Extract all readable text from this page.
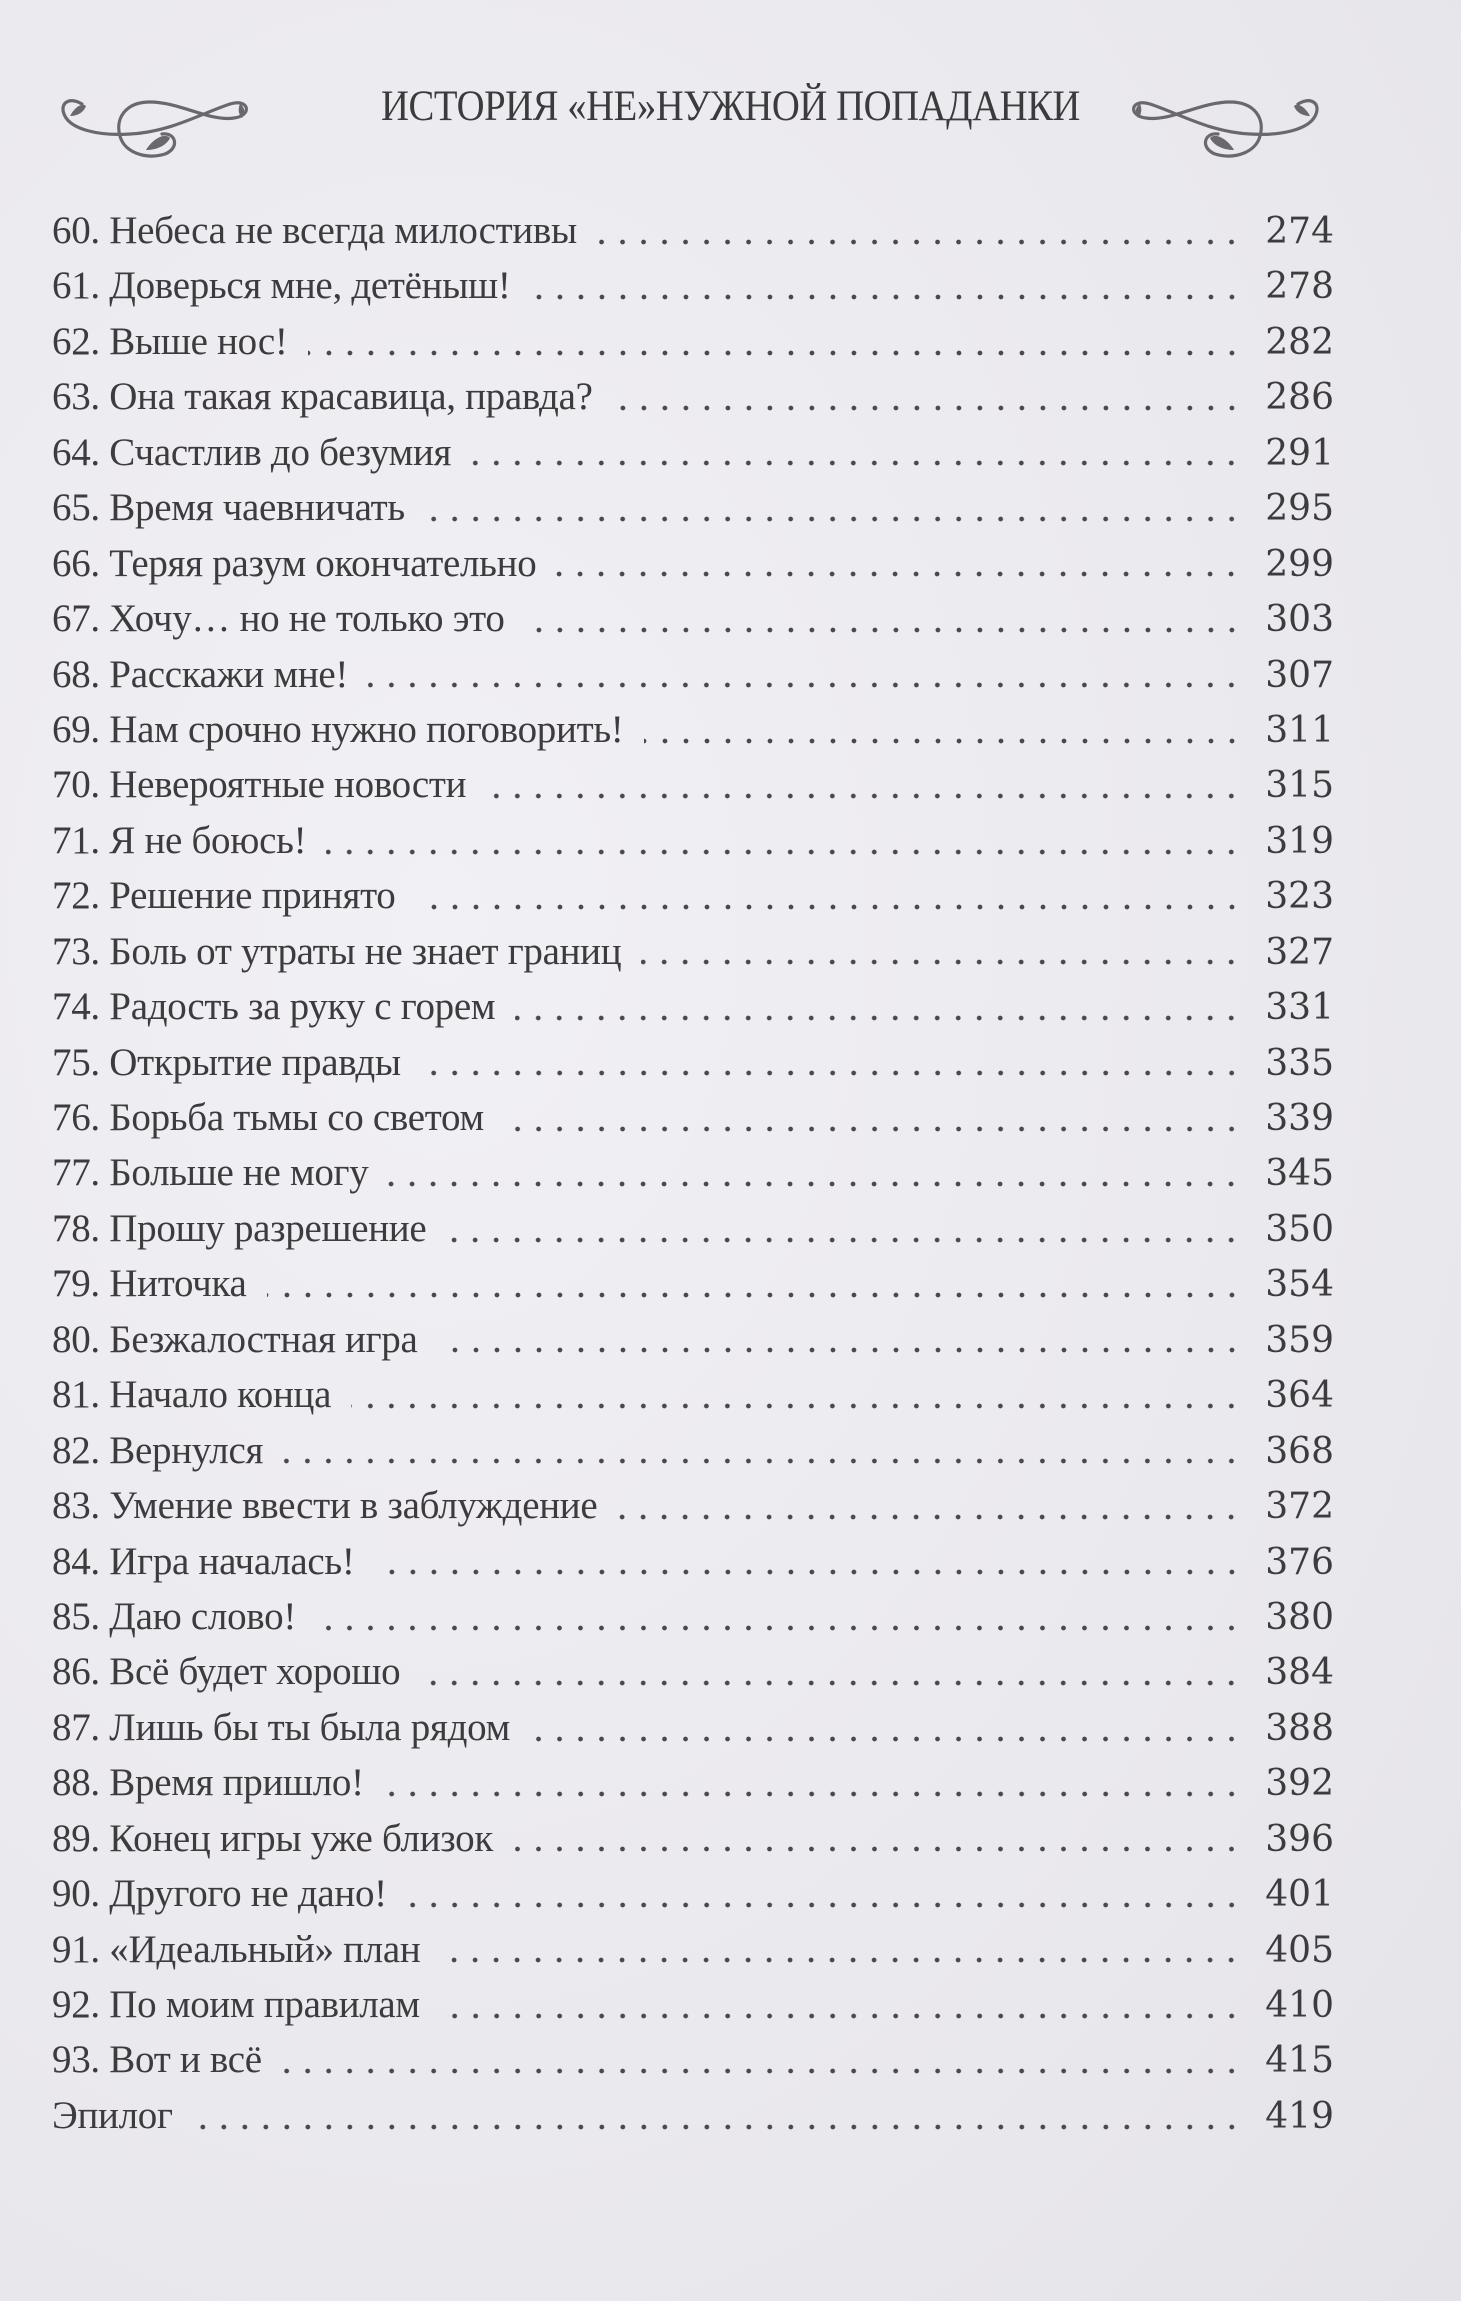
ИСТОРИЯ «НЕ»НУЖНОЙ ПОПАДАНКИ
60. Небеса не всегда милостивы	274
61. Доверься мне, детёныш!	278
62. Выше нос!	282
63. Она такая красавица, правда?	286
64. Счастлив до безумия	291
65. Время чаевничать	295
66. Теряя разум окончательно	299
67. Хочу… но не только это	303
68. Расскажи мне!	307
69. Нам срочно нужно поговорить!	311
70. Невероятные новости	315
71. Я не боюсь!	319
72. Решение принято	323
73. Боль от утраты не знает границ	327
74. Радость за руку с горем	331
75. Открытие правды	335
76. Борьба тьмы со светом	339
77. Больше не могу	345
78. Прошу разрешение	350
79. Ниточка	354
80. Безжалостная игра	359
81. Начало конца	364
82. Вернулся	368
83. Умение ввести в заблуждение	372
84. Игра началась!	376
85. Даю слово!	380
86. Всё будет хорошо	384
87. Лишь бы ты была рядом	388
88. Время пришло!	392
89. Конец игры уже близок	396
90. Другого не дано!	401
91. «Идеальный» план	405
92. По моим правилам	410
93. Вот и всё	415
Эпилог	419
